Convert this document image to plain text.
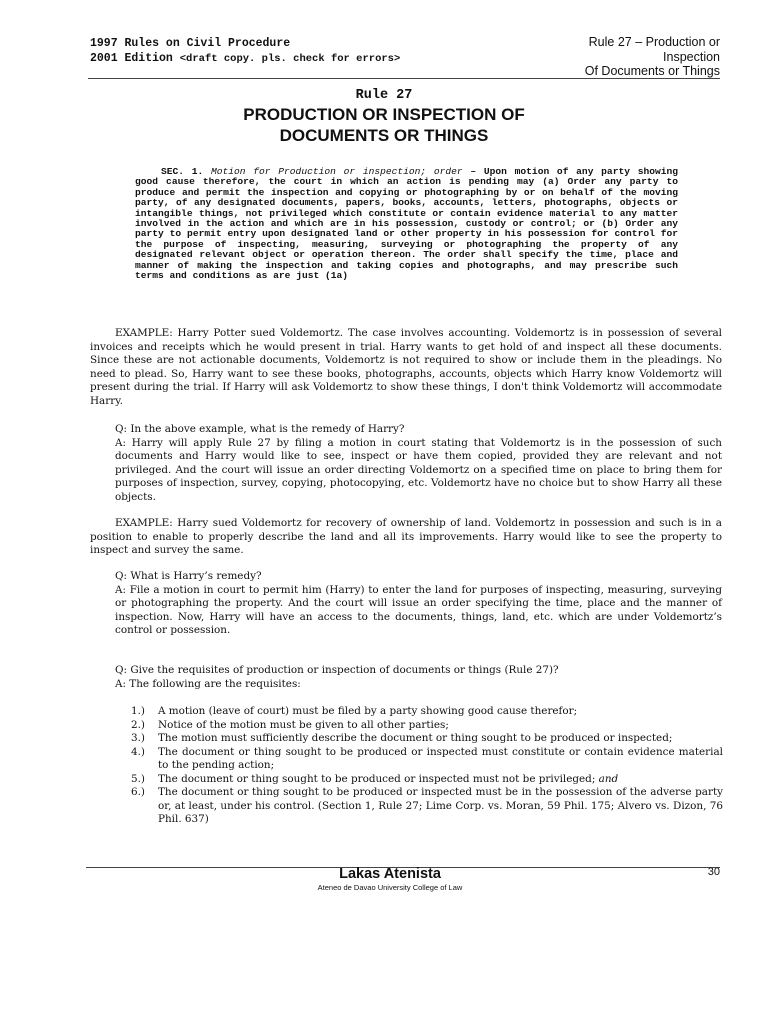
1997 Rules on Civil Procedure
2001 Edition <draft copy. pls. check for errors>
Rule 27 – Production or
Inspection
Of Documents or Things
Rule 27
PRODUCTION OR INSPECTION OF
DOCUMENTS OR THINGS

SEC. 1. Motion for Production or inspection; order – Upon motion of any party showing good cause therefore, the court in which an action is pending may (a) Order any party to produce and permit the inspection and copying or photographing by or on behalf of the moving party, of any designated documents, papers, books, accounts, letters, photographs, objects or intangible things, not privileged which constitute or contain evidence material to any matter involved in the action and which are in his possession, custody or control; or (b) Order any party to permit entry upon designated land or other property in his possession for control for the purpose of inspecting, measuring, surveying or photographing the property of any designated relevant object or operation thereon. The order shall specify the time, place and manner of making the inspection and taking copies and photographs, and may prescribe such terms and conditions as are just (1a)

EXAMPLE: Harry Potter sued Voldemortz. The case involves accounting. Voldemortz is in possession of several invoices and receipts which he would present in trial. Harry wants to get hold of and inspect all these documents. Since these are not actionable documents, Voldemortz is not required to show or include them in the pleadings. No need to plead. So, Harry want to see these books, photographs, accounts, objects which Harry know Voldemortz will present during the trial. If Harry will ask Voldemortz to show these things, I don't think Voldemortz will accommodate Harry.

Q: In the above example, what is the remedy of Harry?
A: Harry will apply Rule 27 by filing a motion in court stating that Voldemortz is in the possession of such documents and Harry would like to see, inspect or have them copied, provided they are relevant and not privileged. And the court will issue an order directing Voldemortz on a specified time on place to bring them for purposes of inspection, survey, copying, photocopying, etc. Voldemortz have no choice but to show Harry all these objects.

EXAMPLE: Harry sued Voldemortz for recovery of ownership of land. Voldemortz in possession and such is in a position to enable to properly describe the land and all its improvements. Harry would like to see the property to inspect and survey the same.

Q: What is Harry’s remedy?
A: File a motion in court to permit him (Harry) to enter the land for purposes of inspecting, measuring, surveying or photographing the property. And the court will issue an order specifying the time, place and the manner of inspection. Now, Harry will have an access to the documents, things, land, etc. which are under Voldemortz’s control or possession.
Q: Give the requisites of production or inspection of documents or things (Rule 27)?
A: The following are the requisites:
1.) A motion (leave of court) must be filed by a party showing good cause therefor;
2.) Notice of the motion must be given to all other parties;
3.) The motion must sufficiently describe the document or thing sought to be produced or inspected;
4.) The document or thing sought to be produced or inspected must constitute or contain evidence material to the pending action;
5.) The document or thing sought to be produced or inspected must not be privileged; and
6.) The document or thing sought to be produced or inspected must be in the possession of the adverse party or, at least, under his control. (Section 1, Rule 27; Lime Corp. vs. Moran, 59 Phil. 175; Alvero vs. Dizon, 76 Phil. 637)
Lakas Atenista
Ateneo de Davao University College of Law
30
